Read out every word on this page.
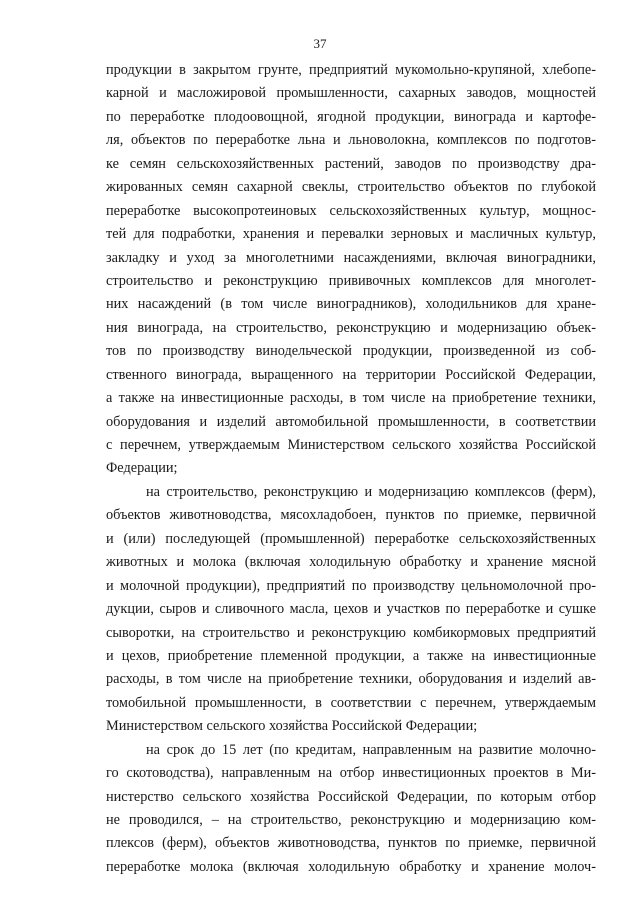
37
продукции в закрытом грунте, предприятий мукомольно-крупяной, хлебопе-
карной и масложировой промышленности, сахарных заводов, мощностей
по переработке плодоовощной, ягодной продукции, винограда и картофе-
ля, объектов по переработке льна и льноволокна, комплексов по подготов-
ке семян сельскохозяйственных растений, заводов по производству дра-
жированных семян сахарной свеклы, строительство объектов по глубокой
переработке высокопротеиновых сельскохозяйственных культур, мощнос-
тей для подработки, хранения и перевалки зерновых и масличных культур,
закладку и уход за многолетними насаждениями, включая виноградники,
строительство и реконструкцию прививочных комплексов для многолет-
них насаждений (в том числе виноградников), холодильников для хране-
ния винограда, на строительство, реконструкцию и модернизацию объек-
тов по производству винодельческой продукции, произведенной из соб-
ственного винограда, выращенного на территории Российской Федерации,
а также на инвестиционные расходы, в том числе на приобретение техники,
оборудования и изделий автомобильной промышленности, в соответствии
с перечнем, утверждаемым Министерством сельского хозяйства Российской
Федерации;
на строительство, реконструкцию и модернизацию комплексов (ферм),
объектов животноводства, мясохладобоен, пунктов по приемке, первичной
и (или) последующей (промышленной) переработке сельскохозяйственных
животных и молока (включая холодильную обработку и хранение мясной
и молочной продукции), предприятий по производству цельномолочной про-
дукции, сыров и сливочного масла, цехов и участков по переработке и сушке
сыворотки, на строительство и реконструкцию комбикормовых предприятий
и цехов, приобретение племенной продукции, а также на инвестиционные
расходы, в том числе на приобретение техники, оборудования и изделий ав-
томобильной промышленности, в соответствии с перечнем, утверждаемым
Министерством сельского хозяйства Российской Федерации;
на срок до 15 лет (по кредитам, направленным на развитие молочно-
го скотоводства), направленным на отбор инвестиционных проектов в Ми-
нистерство сельского хозяйства Российской Федерации, по которым отбор
не проводился, – на строительство, реконструкцию и модернизацию ком-
плексов (ферм), объектов животноводства, пунктов по приемке, первичной
переработке молока (включая холодильную обработку и хранение молоч-
